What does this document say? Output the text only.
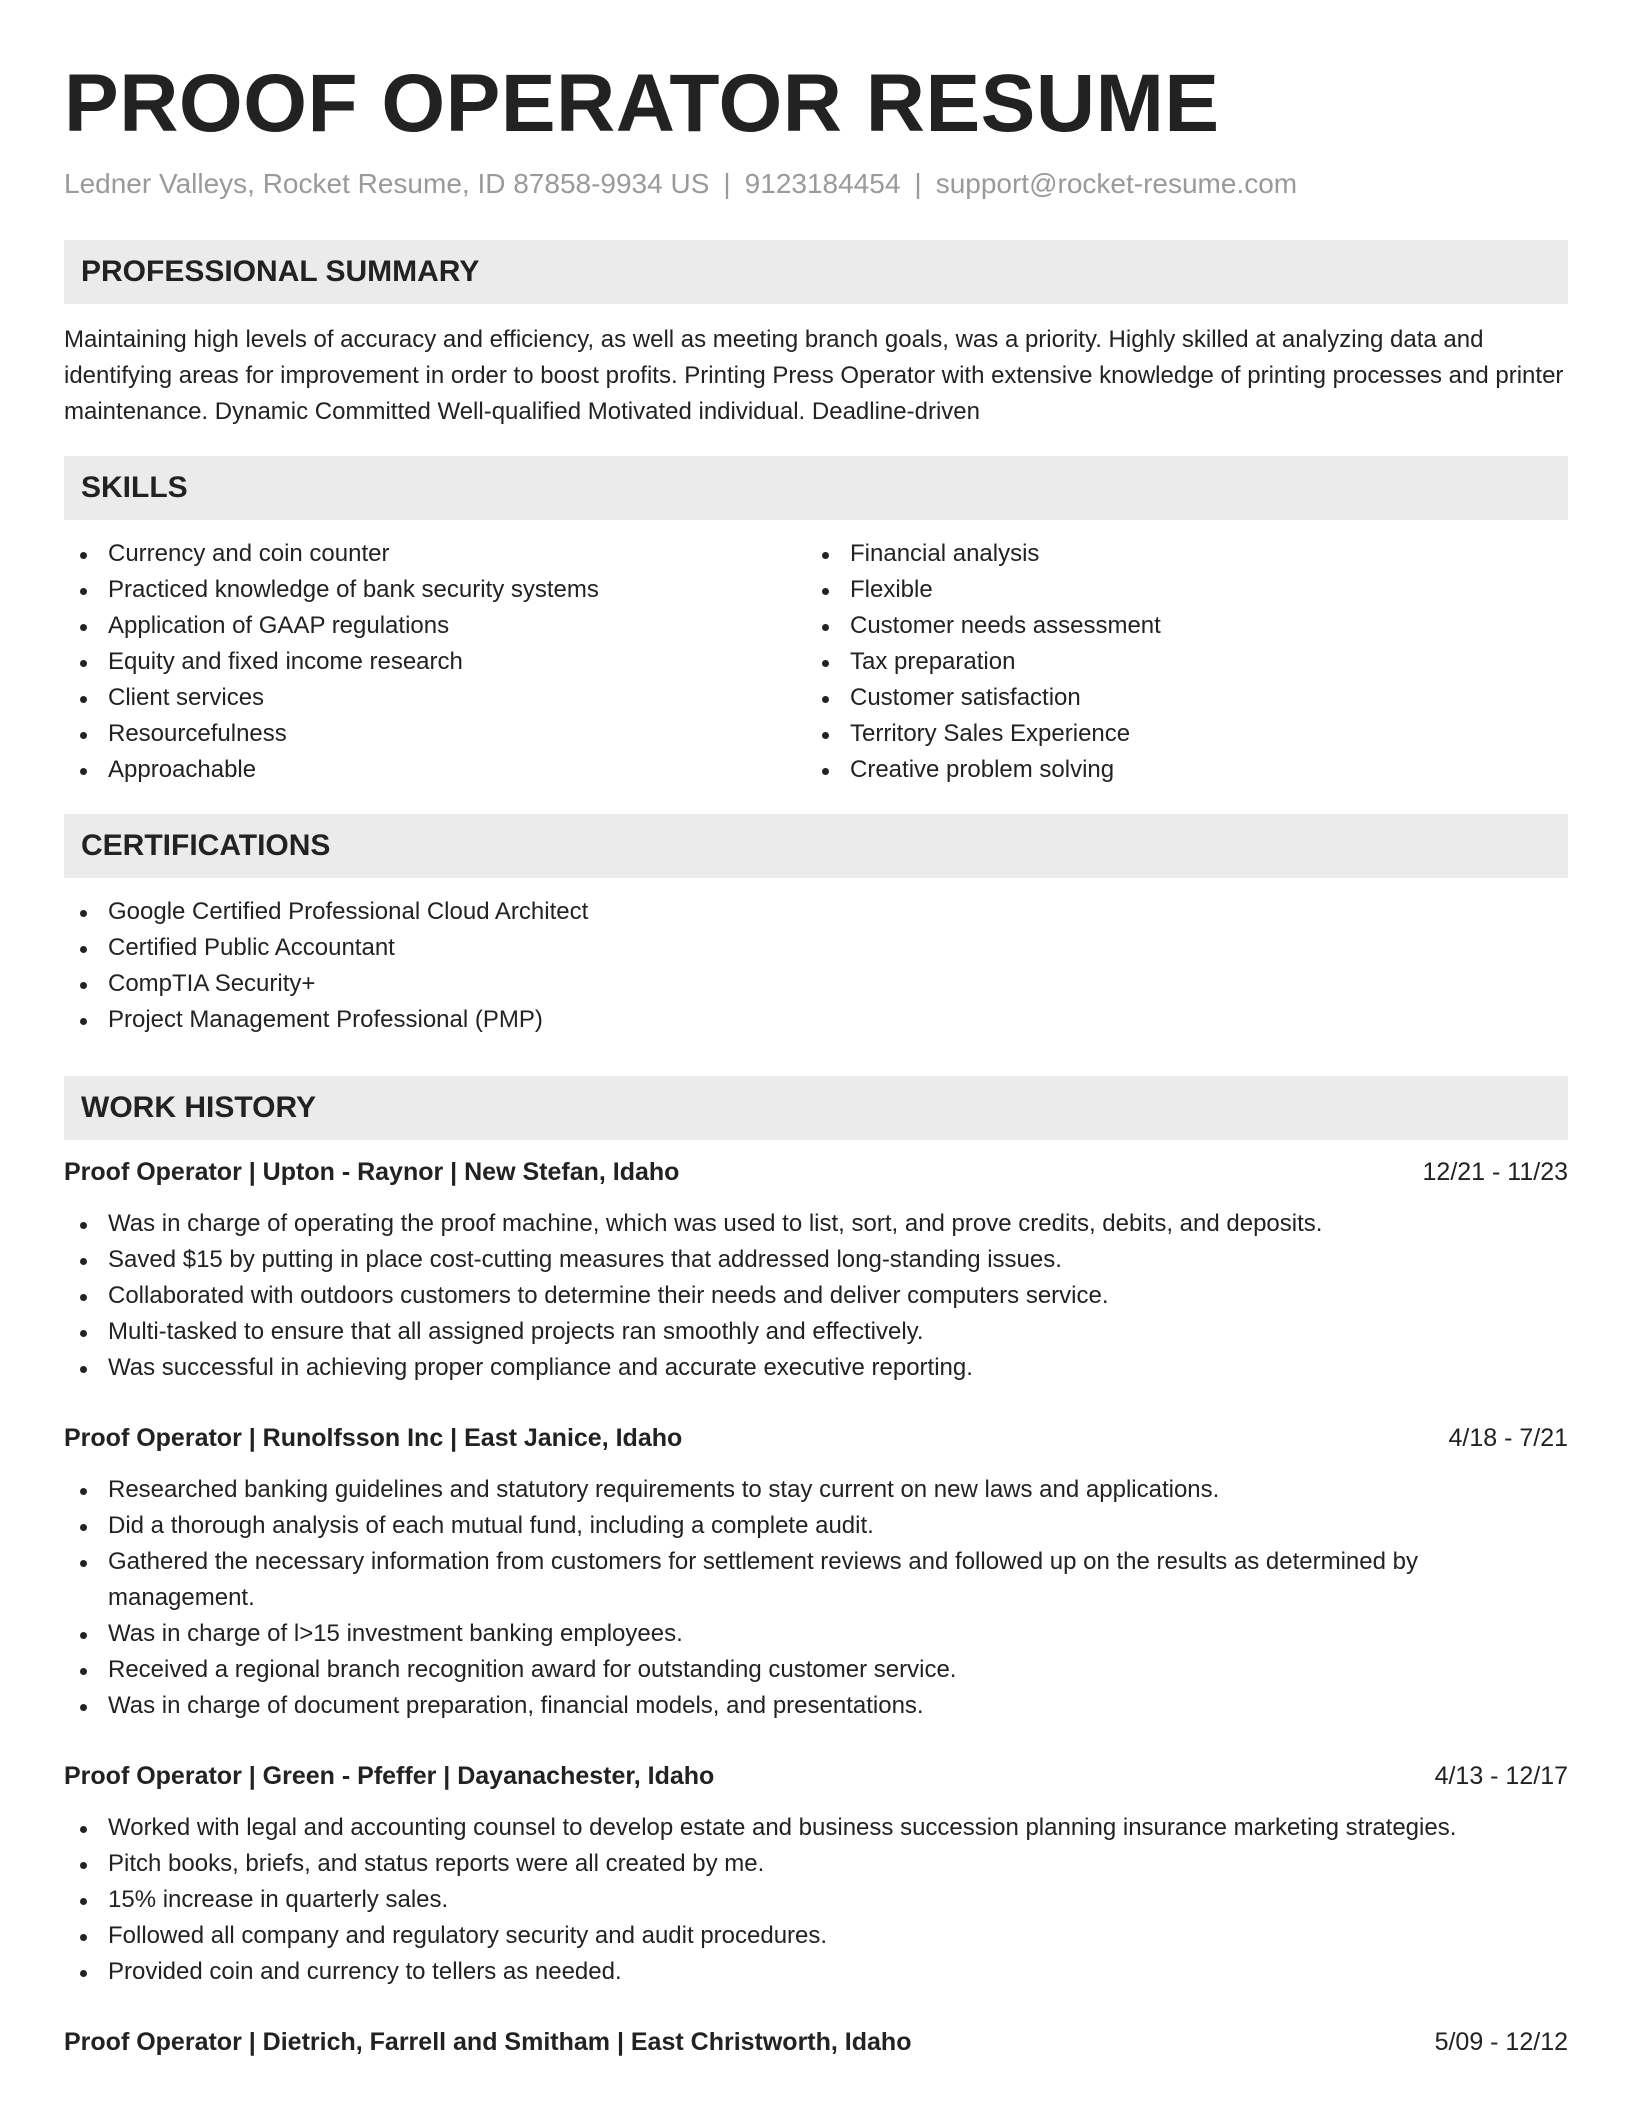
PROOF OPERATOR RESUME
Ledner Valleys, Rocket Resume, ID 87858-9934 US | 9123184454 | support@rocket-resume.com
PROFESSIONAL SUMMARY

Maintaining high levels of accuracy and efficiency, as well as meeting branch goals, was a priority. Highly skilled at analyzing data and identifying areas for improvement in order to boost profits. Printing Press Operator with extensive knowledge of printing processes and printer maintenance. Dynamic Committed Well-qualified Motivated individual. Deadline-driven

SKILLS
Currency and coin counter
Practiced knowledge of bank security systems
Application of GAAP regulations
Equity and fixed income research
Client services
Resourcefulness
Approachable
Financial analysis
Flexible
Customer needs assessment
Tax preparation
Customer satisfaction
Territory Sales Experience
Creative problem solving
CERTIFICATIONS
Google Certified Professional Cloud Architect
Certified Public Accountant
CompTIA Security+
Project Management Professional (PMP)
WORK HISTORY
Proof Operator | Upton - Raynor | New Stefan, Idaho	12/21 - 11/23
Was in charge of operating the proof machine, which was used to list, sort, and prove credits, debits, and deposits.
Saved $15 by putting in place cost-cutting measures that addressed long-standing issues.
Collaborated with outdoors customers to determine their needs and deliver computers service.
Multi-tasked to ensure that all assigned projects ran smoothly and effectively.
Was successful in achieving proper compliance and accurate executive reporting.
Proof Operator | Runolfsson Inc | East Janice, Idaho	4/18 - 7/21
Researched banking guidelines and statutory requirements to stay current on new laws and applications.
Did a thorough analysis of each mutual fund, including a complete audit.
Gathered the necessary information from customers for settlement reviews and followed up on the results as determined by management.
Was in charge of l>15 investment banking employees.
Received a regional branch recognition award for outstanding customer service.
Was in charge of document preparation, financial models, and presentations.
Proof Operator | Green - Pfeffer | Dayanachester, Idaho	4/13 - 12/17
Worked with legal and accounting counsel to develop estate and business succession planning insurance marketing strategies.
Pitch books, briefs, and status reports were all created by me.
15% increase in quarterly sales.
Followed all company and regulatory security and audit procedures.
Provided coin and currency to tellers as needed.
Proof Operator | Dietrich, Farrell and Smitham | East Christworth, Idaho	5/09 - 12/12
